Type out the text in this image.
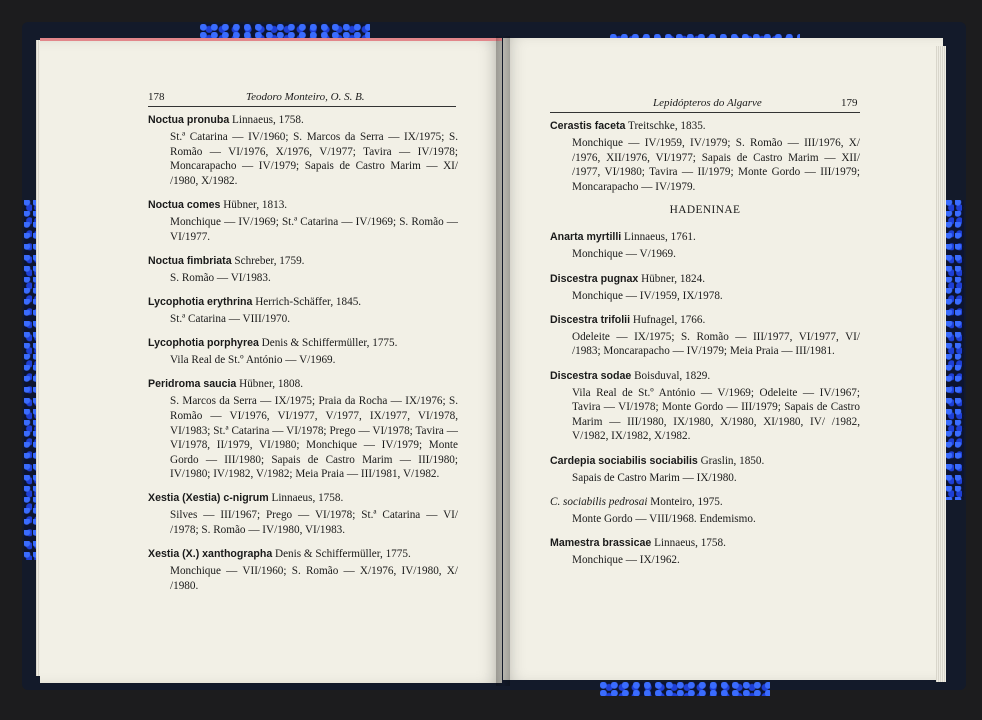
178	Teodoro Monteiro, O. S. B.
Noctua pronuba Linnaeus, 1758.
St.ª Catarina — IV/1960; S. Marcos da Serra — IX/1975; S. Romão — VI/1976, X/1976, V/1977; Tavira — IV/1978; Moncarapacho — IV/1979; Sapais de Castro Marim — XI/ /1980, X/1982.
Noctua comes Hübner, 1813.
Monchique — IV/1969; St.ª Catarina — IV/1969; S. Romão — VI/1977.
Noctua fimbriata Schreber, 1759.
S. Romão — VI/1983.
Lycophotia erythrina Herrich-Schäffer, 1845.
St.ª Catarina — VIII/1970.
Lycophotia porphyrea Denis & Schiffermüller, 1775.
Vila Real de St.º António — V/1969.
Peridroma saucia Hübner, 1808.
S. Marcos da Serra — IX/1975; Praia da Rocha — IX/1976; S. Romão — VI/1976, VI/1977, V/1977, IX/1977, VI/1978, VI/1983; St.ª Catarina — VI/1978; Prego — VI/1978; Tavira — VI/1978, II/1979, VI/1980; Monchique — IV/1979; Monte Gordo — III/1980; Sapais de Castro Marim — III/1980; IV/1980; IV/1982, V/1982; Meia Praia — III/1981, V/1982.
Xestia (Xestia) c-nigrum Linnaeus, 1758.
Silves — III/1967; Prego — VI/1978; St.ª Catarina — VI/ /1978; S. Romão — IV/1980, VI/1983.
Xestia (X.) xanthographa Denis & Schiffermüller, 1775.
Monchique — VII/1960; S. Romão — X/1976, IV/1980, X/ /1980.
Lepidópteros do Algarve	179
Cerastis faceta Treitschke, 1835.
Monchique — IV/1959, IV/1979; S. Romão — III/1976, X/ /1976, XII/1976, VI/1977; Sapais de Castro Marim — XII/ /1977, VI/1980; Tavira — II/1979; Monte Gordo — III/1979; Moncarapacho — IV/1979.
HADENINAE
Anarta myrtilli Linnaeus, 1761.
Monchique — V/1969.
Discestra pugnax Hübner, 1824.
Monchique — IV/1959, IX/1978.
Discestra trifolii Hufnagel, 1766.
Odeleite — IX/1975; S. Romão — III/1977, VI/1977, VI/ /1983; Moncarapacho — IV/1979; Meia Praia — III/1981.
Discestra sodae Boisduval, 1829.
Vila Real de St.º António — V/1969; Odeleite — IV/1967; Tavira — VI/1978; Monte Gordo — III/1979; Sapais de Castro Marim — III/1980, IX/1980, X/1980, XI/1980, IV/ /1982, V/1982, IX/1982, X/1982.
Cardepia sociabilis sociabilis Graslin, 1850.
Sapais de Castro Marim — IX/1980.
C. sociabilis pedrosai Monteiro, 1975.
Monte Gordo — VIII/1968. Endemismo.
Mamestra brassicae Linnaeus, 1758.
Monchique — IX/1962.
